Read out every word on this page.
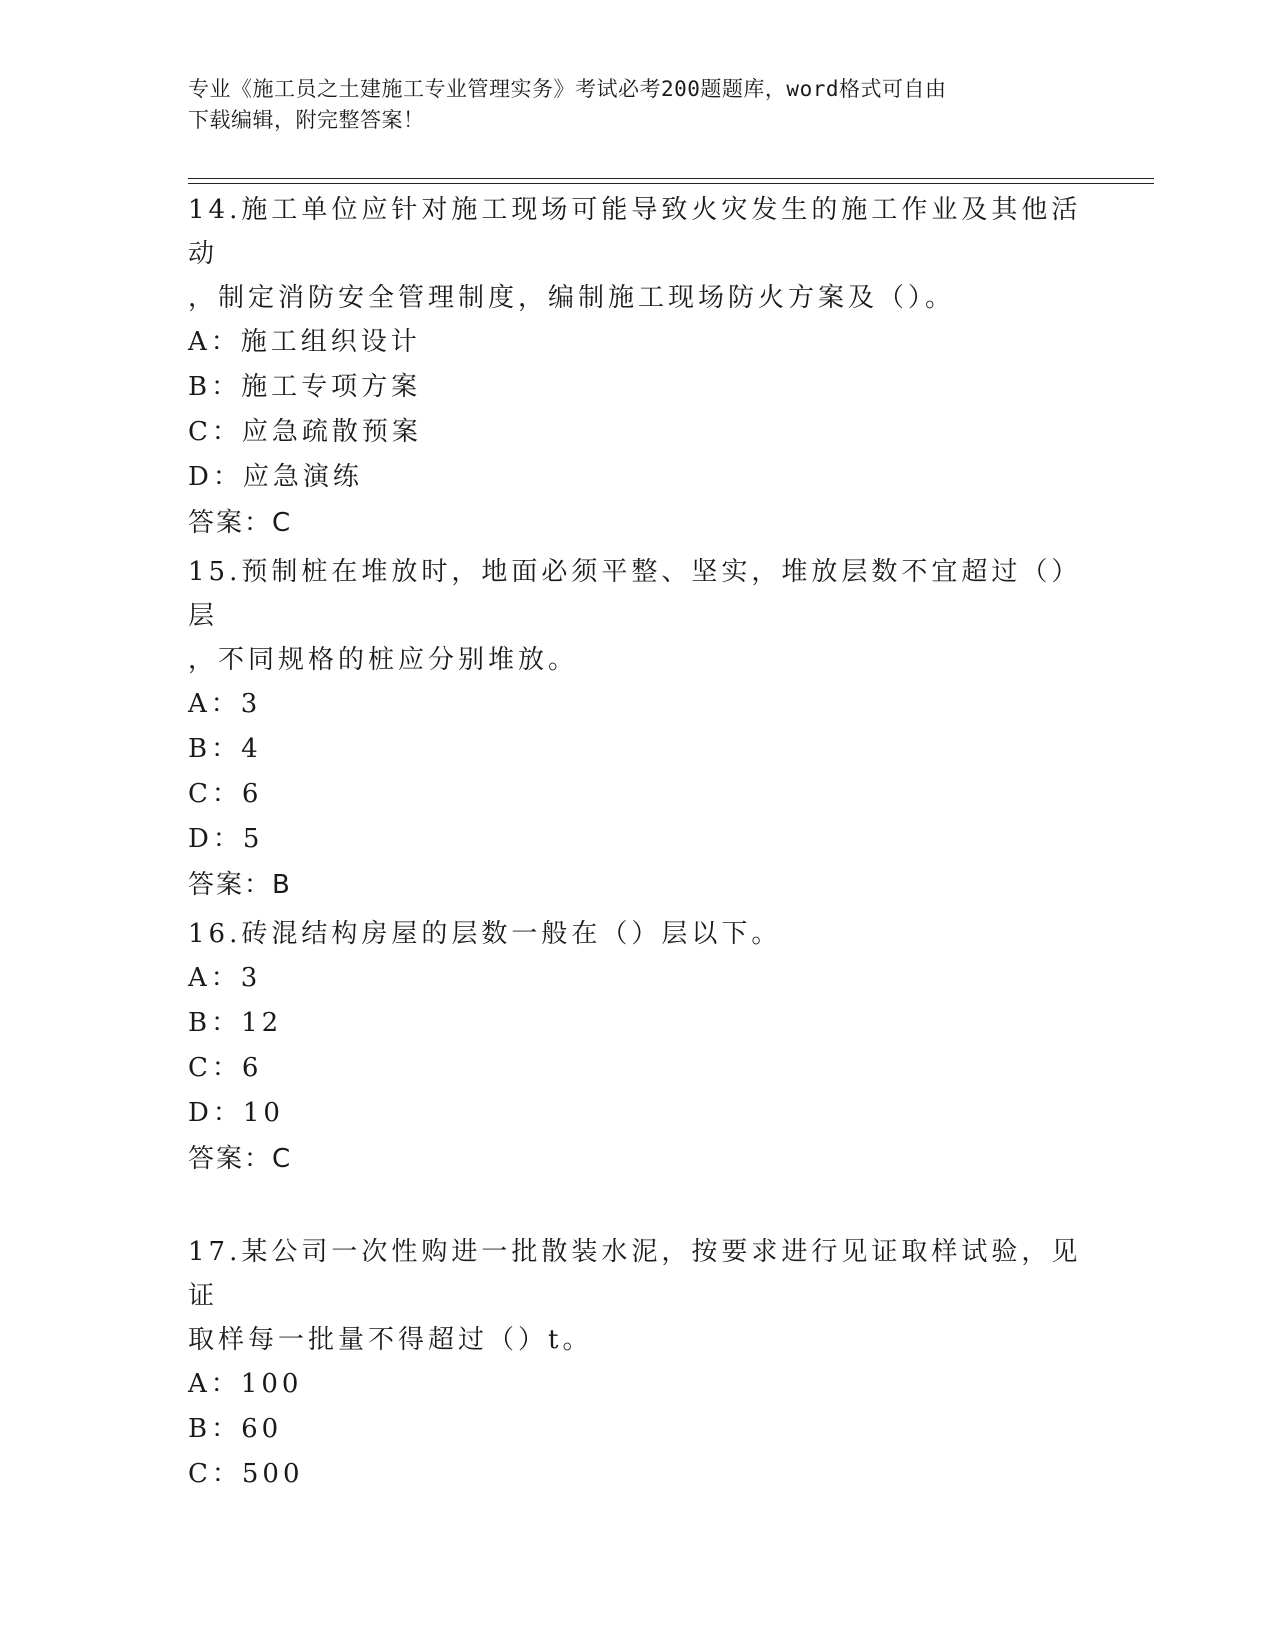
专业《施工员之土建施工专业管理实务》考试必考200题题库，word格式可自由
下载编辑，附完整答案！

14.施工单位应针对施工现场可能导致火灾发生的施工作业及其他活动

，制定消防安全管理制度，编制施工现场防火方案及（）。

A：施工组织设计

B：施工专项方案

C：应急疏散预案

D：应急演练

答案：C

15.预制桩在堆放时，地面必须平整、坚实，堆放层数不宜超过（）层

，不同规格的桩应分别堆放。

A：3

B：4

C：6

D：5

答案：B

16.砖混结构房屋的层数一般在（）层以下。

A：3

B：12

C：6

D：10

答案：C

17.某公司一次性购进一批散装水泥，按要求进行见证取样试验，见证

取样每一批量不得超过（）t。

A：100

B：60

C：500
